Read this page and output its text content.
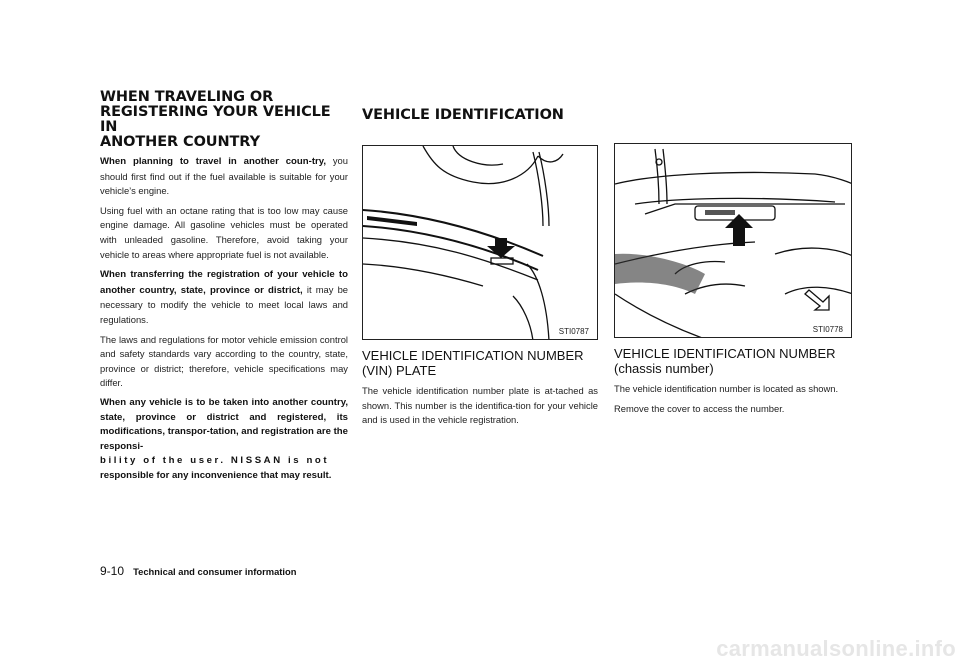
WHEN TRAVELING OR
REGISTERING YOUR VEHICLE IN
ANOTHER COUNTRY

When planning to travel in another coun-try, you should first find out if the fuel available is suitable for your vehicle’s engine.

Using fuel with an octane rating that is too low may cause engine damage. All gasoline vehicles must be operated with unleaded gasoline. Therefore, avoid taking your vehicle to areas where appropriate fuel is not available.

When transferring the registration of your vehicle to another country, state, province or district, it may be necessary to modify the vehicle to meet local laws and regulations.

The laws and regulations for motor vehicle emission control and safety standards vary according to the country, state, province or district; therefore, vehicle specifications may differ.

When any vehicle is to be taken into another country, state, province or district and registered, its modifications, transpor-tation, and registration are the responsi-
bility of the user. NISSAN is not
responsible for any inconvenience that may result.

VEHICLE IDENTIFICATION
STI0787
VEHICLE IDENTIFICATION NUMBER (VIN) PLATE

The vehicle identification number plate is at-tached as shown. This number is the identifica-tion for your vehicle and is used in the vehicle registration.

STI0778
VEHICLE IDENTIFICATION NUMBER
(chassis number)

The vehicle identification number is located as shown.

Remove the cover to access the number.

9-10 Technical and consumer information
carmanualsonline.info
